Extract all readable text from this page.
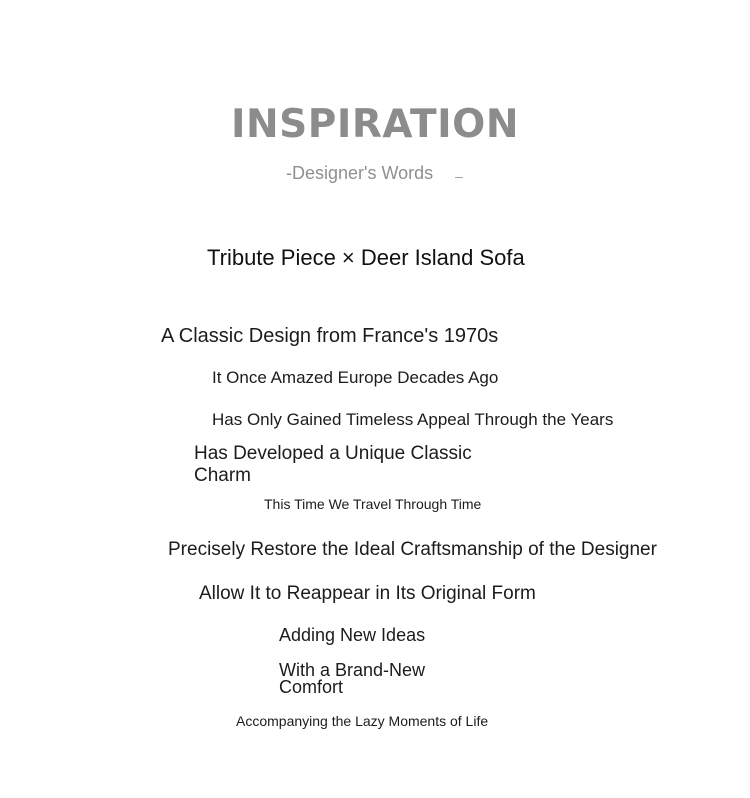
INSPIRATION
-Designer's Words –
Tribute Piece × Deer Island Sofa
A Classic Design from France's 1970s
It Once Amazed Europe Decades Ago
Has Only Gained Timeless Appeal Through the Years
Has Developed a Unique Classic Charm
This Time We Travel Through Time
Precisely Restore the Ideal Craftsmanship of the Designer
Allow It to Reappear in Its Original Form
Adding New Ideas
With a Brand-New Comfort
Accompanying the Lazy Moments of Life
